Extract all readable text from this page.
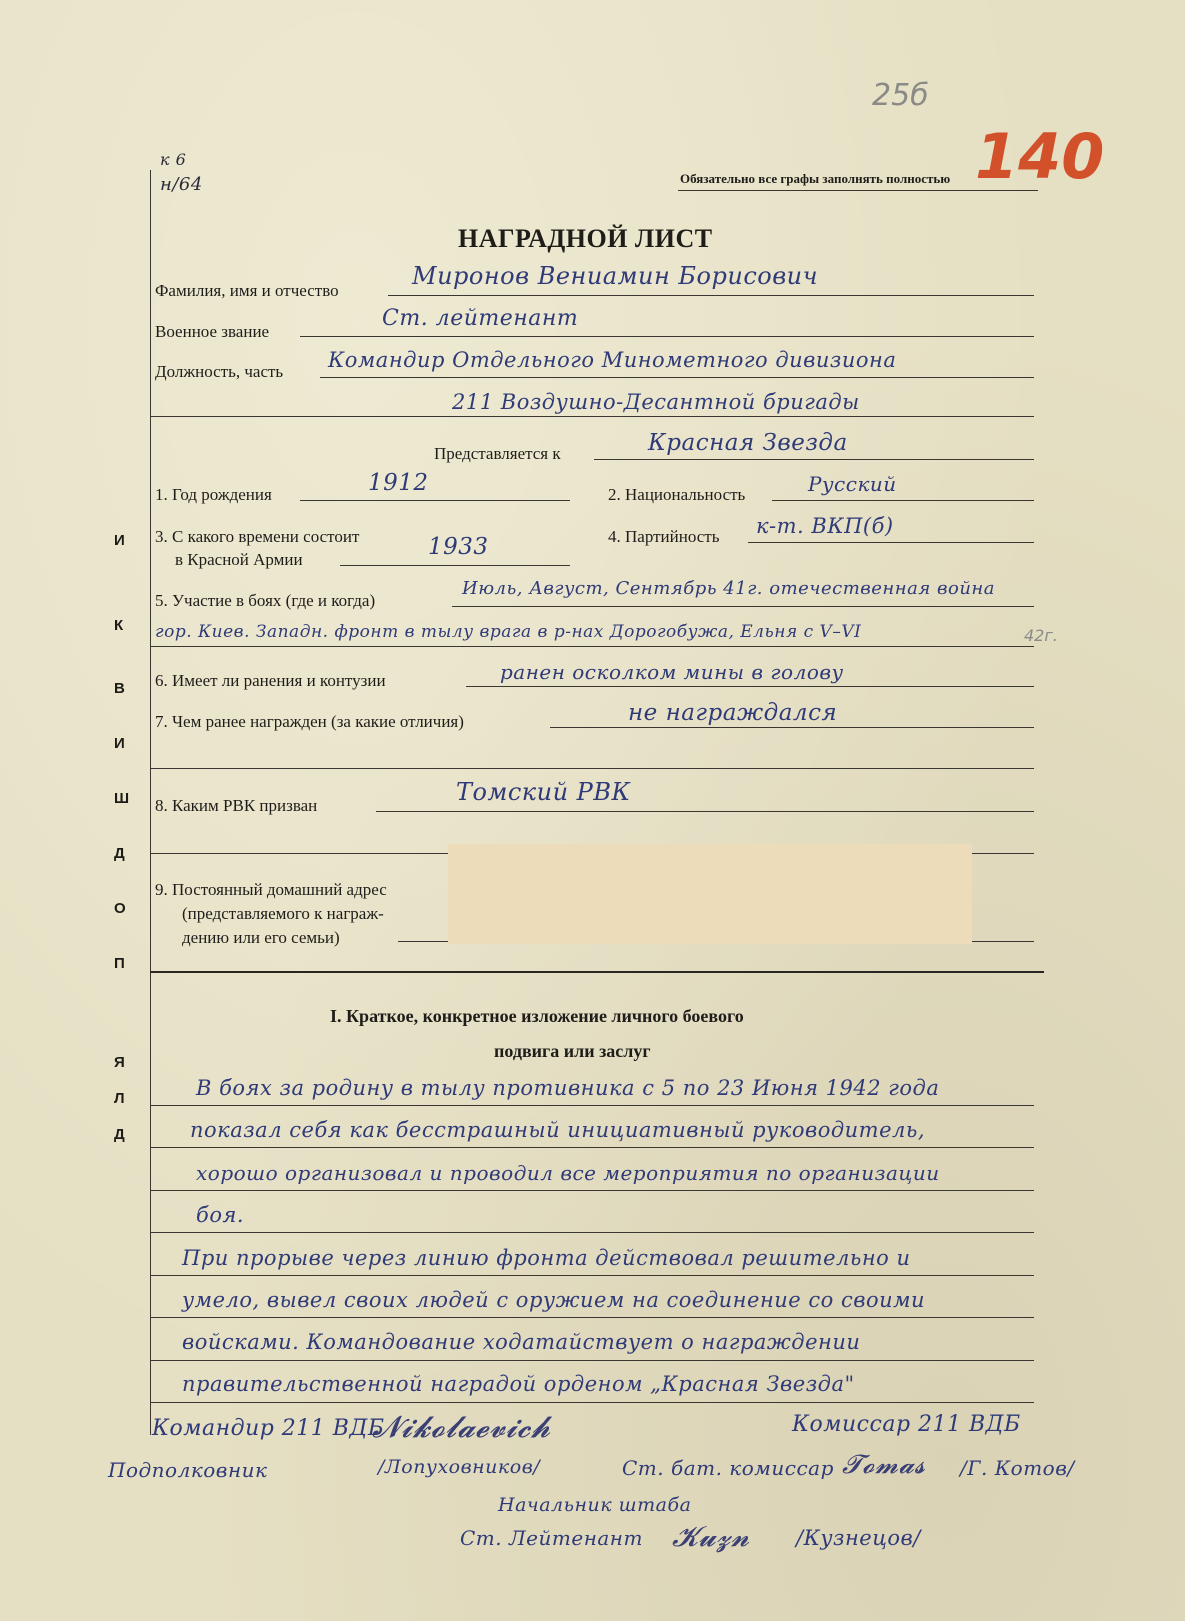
25б
140
к 6
н/64	Обязательно все графы заполнять полностью
НАГРАДНОЙ ЛИСТ
Д
Л
Я
П
О
Д
Ш
И
В
К
И
Фамилия, имя и отчество
Миронов Вениамин Борисович
Военное звание
Ст. лейтенант
Должность, часть Командир Отдельного Минометного дивизиона
211 Воздушно-Десантной бригады
Представляется к	Красная Звезда
1. Год рождения	1912	2. Национальность	Русский
3. С какого времени состоит
в Красной Армии	1933	4. Партийность к-т. ВКП(б)
5. Участие в боях (где и когда)
Июль, Август, Сентябрь 41г. отечественная война
гор. Киев. Западн. фронт в тылу врага в р-нах Дорогобужа, Ельня с V–VI	42г.
6. Имеет ли ранения и контузии	ранен осколком мины в голову
7. Чем ранее награжден (за какие отличия)	не награждался
8. Каким РВК призван	Томский РВК
9. Постоянный домашний адрес
(представляемого к награж-
дению или его семьи)
I. Краткое, конкретное изложение личного боевого
подвига или заслуг
В боях за родину в тылу противника с 5 по 23 Июня 1942 года
показал себя как бесстрашный инициативный руководитель,
хорошо организовал и проводил все мероприятия по организации
боя.
При прорыве через линию фронта действовал решительно и
умело, вывел своих людей с оружием на соединение со своими
войсками. Командование ходатайствует о награждении
правительственной наградой орденом „Красная Звезда"
Командир 211 ВДБ
𝓝𝓲𝓴𝓸𝓵𝓪𝓮𝓿𝓲𝓬𝓱	Комиссар 211 ВДБ
Подполковник	/Лопуховников/	Ст. бат. комиссар 𝓣𝓸𝓶𝓪𝓼 /Г. Котов/
Начальник штаба
Ст. Лейтенант 𝓚𝓾𝔃𝓷 /Кузнецов/
